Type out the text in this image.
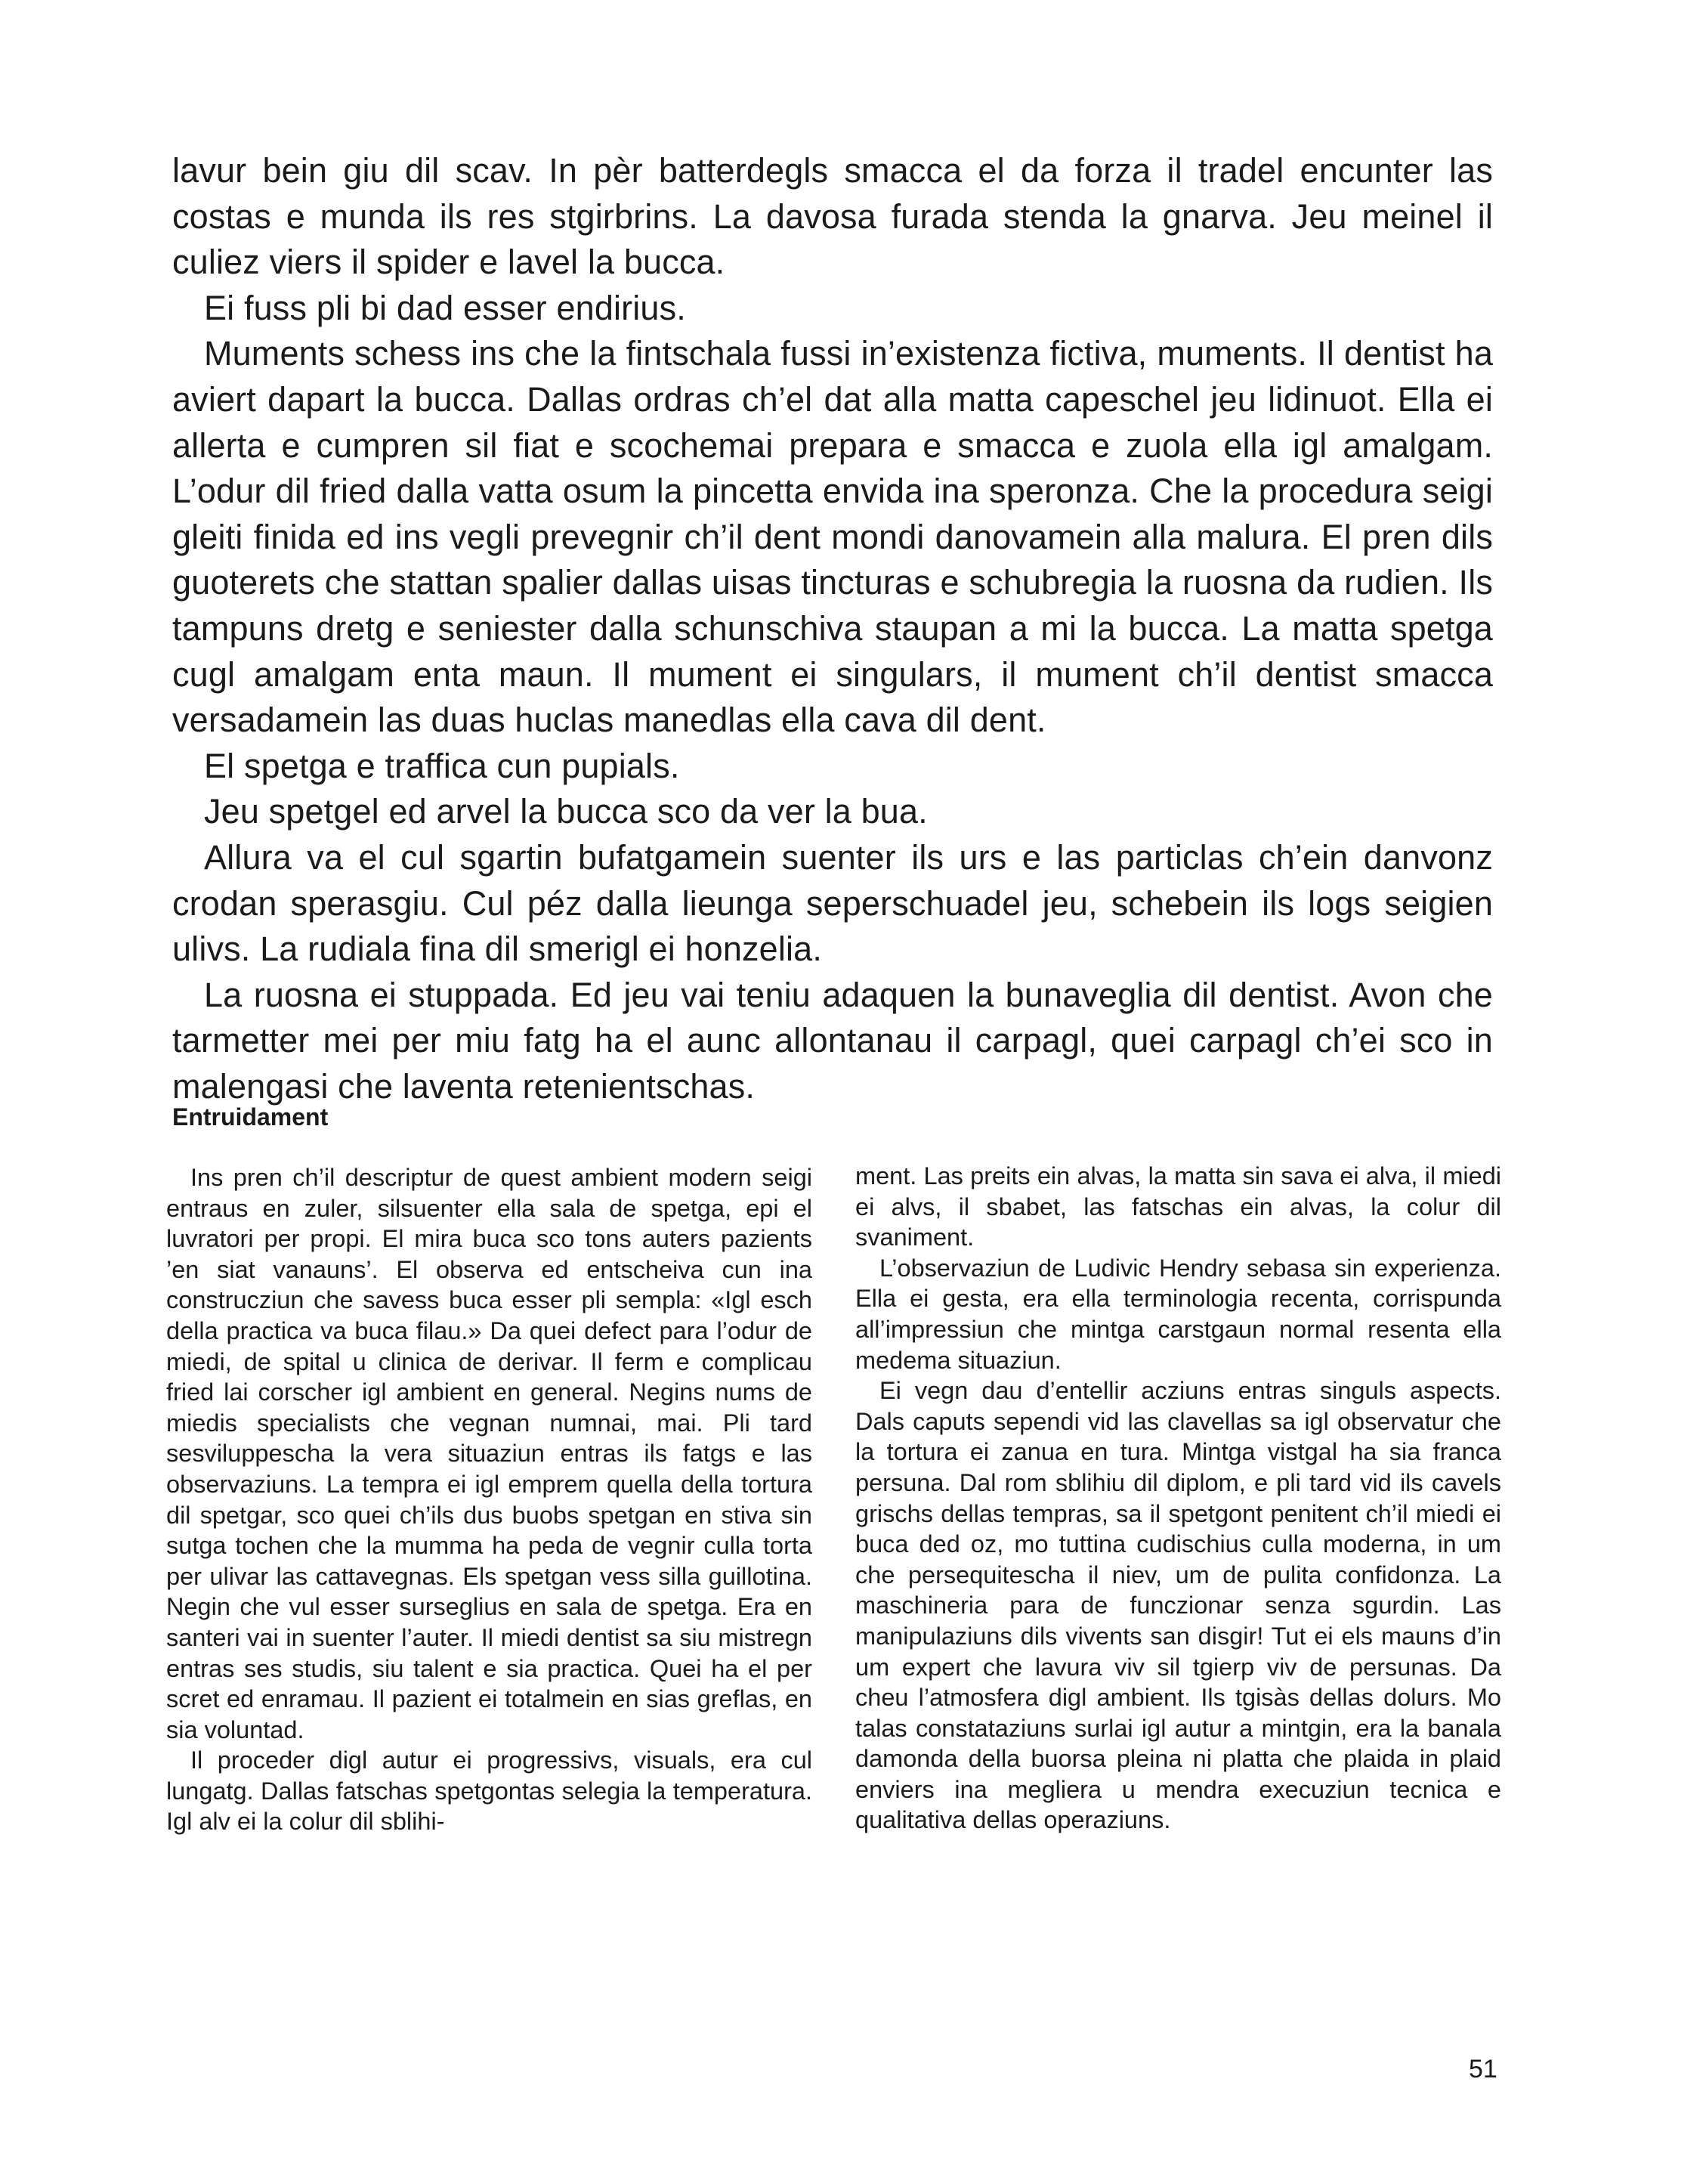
lavur bein giu dil scav. In pèr batterdegls smacca el da forza il tradel encunter las costas e munda ils res stgirbrins. La davosa furada stenda la gnarva. Jeu meinel il culiez viers il spider e lavel la bucca.

Ei fuss pli bi dad esser endirius.

Muments schess ins che la fintschala fussi in’existenza fictiva, muments. Il dentist ha aviert dapart la bucca. Dallas ordras ch’el dat alla matta capeschel jeu lidinuot. Ella ei allerta e cumpren sil fiat e scochemai prepara e smacca e zuola ella igl amalgam. L’odur dil fried dalla vatta osum la pincetta envida ina speronza. Che la procedura seigi gleiti finida ed ins vegli prevegnir ch’il dent mondi danovamein alla malura. El pren dils guoterets che stattan spalier dallas uisas tincturas e schubregia la ruosna da rudien. Ils tampuns dretg e seniester dalla schunschiva staupan a mi la bucca. La matta spetga cugl amalgam enta maun. Il mument ei singulars, il mument ch’il dentist smacca versadamein las duas huclas manedlas ella cava dil dent.

El spetga e traffica cun pupials.

Jeu spetgel ed arvel la bucca sco da ver la bua.

Allura va el cul sgartin bufatgamein suenter ils urs e las particlas ch’ein danvonz crodan sperasgiu. Cul péz dalla lieunga seperschuadel jeu, schebein ils logs seigien ulivs. La rudiala fina dil smerigl ei honzelia.

La ruosna ei stuppada. Ed jeu vai teniu adaquen la bunaveglia dil dentist. Avon che tarmetter mei per miu fatg ha el aunc allontanau il carpagl, quei carpagl ch’ei sco in malengasi che laventa retenientschas.

Entruidament

Ins pren ch’il descriptur de quest ambient modern seigi entraus en zuler, silsuenter ella sala de spetga, epi el luvratori per propi. El mira buca sco tons auters pazients ’en siat vanauns’. El observa ed entscheiva cun ina construcziun che savess buca esser pli sempla: «Igl esch della practica va buca filau.» Da quei defect para l’odur de miedi, de spital u clinica de derivar. Il ferm e complicau fried lai corscher igl ambient en general. Negins nums de miedis specialists che vegnan numnai, mai. Pli tard sesviluppescha la vera situaziun entras ils fatgs e las observaziuns. La tempra ei igl emprem quella della tortura dil spetgar, sco quei ch’ils dus buobs spetgan en stiva sin sutga tochen che la mumma ha peda de vegnir culla torta per ulivar las cattavegnas. Els spetgan vess silla guillotina. Negin che vul esser surseglius en sala de spetga. Era en santeri vai in suenter l’auter. Il miedi dentist sa siu mistregn entras ses studis, siu talent e sia practica. Quei ha el per scret ed enramau. Il pazient ei totalmein en sias greflas, en sia voluntad.

Il proceder digl autur ei progressivs, visuals, era cul lungatg. Dallas fatschas spetgontas selegia la temperatura. Igl alv ei la colur dil sblihi-

ment. Las preits ein alvas, la matta sin sava ei alva, il miedi ei alvs, il sbabet, las fatschas ein alvas, la colur dil svaniment.

L’observaziun de Ludivic Hendry sebasa sin experienza. Ella ei gesta, era ella terminologia recenta, corrispunda all’impressiun che mintga carstgaun normal resenta ella medema situaziun.

Ei vegn dau d’entellir acziuns entras singuls aspects. Dals caputs sependi vid las clavellas sa igl observatur che la tortura ei zanua en tura. Mintga vistgal ha sia franca persuna. Dal rom sblihiu dil diplom, e pli tard vid ils cavels grischs dellas tempras, sa il spetgont penitent ch’il miedi ei buca ded oz, mo tuttina cudischius culla moderna, in um che persequitescha il niev, um de pulita confidonza. La maschineria para de funczionar senza sgurdin. Las manipulaziuns dils vivents san disgir! Tut ei els mauns d’in um expert che lavura viv sil tgierp viv de persunas. Da cheu l’atmosfera digl ambient. Ils tgisàs dellas dolurs. Mo talas constataziuns surlai igl autur a mintgin, era la banala damonda della buorsa pleina ni platta che plaida in plaid enviers ina megliera u mendra execuziun tecnica e qualitativa dellas operaziuns.

51
